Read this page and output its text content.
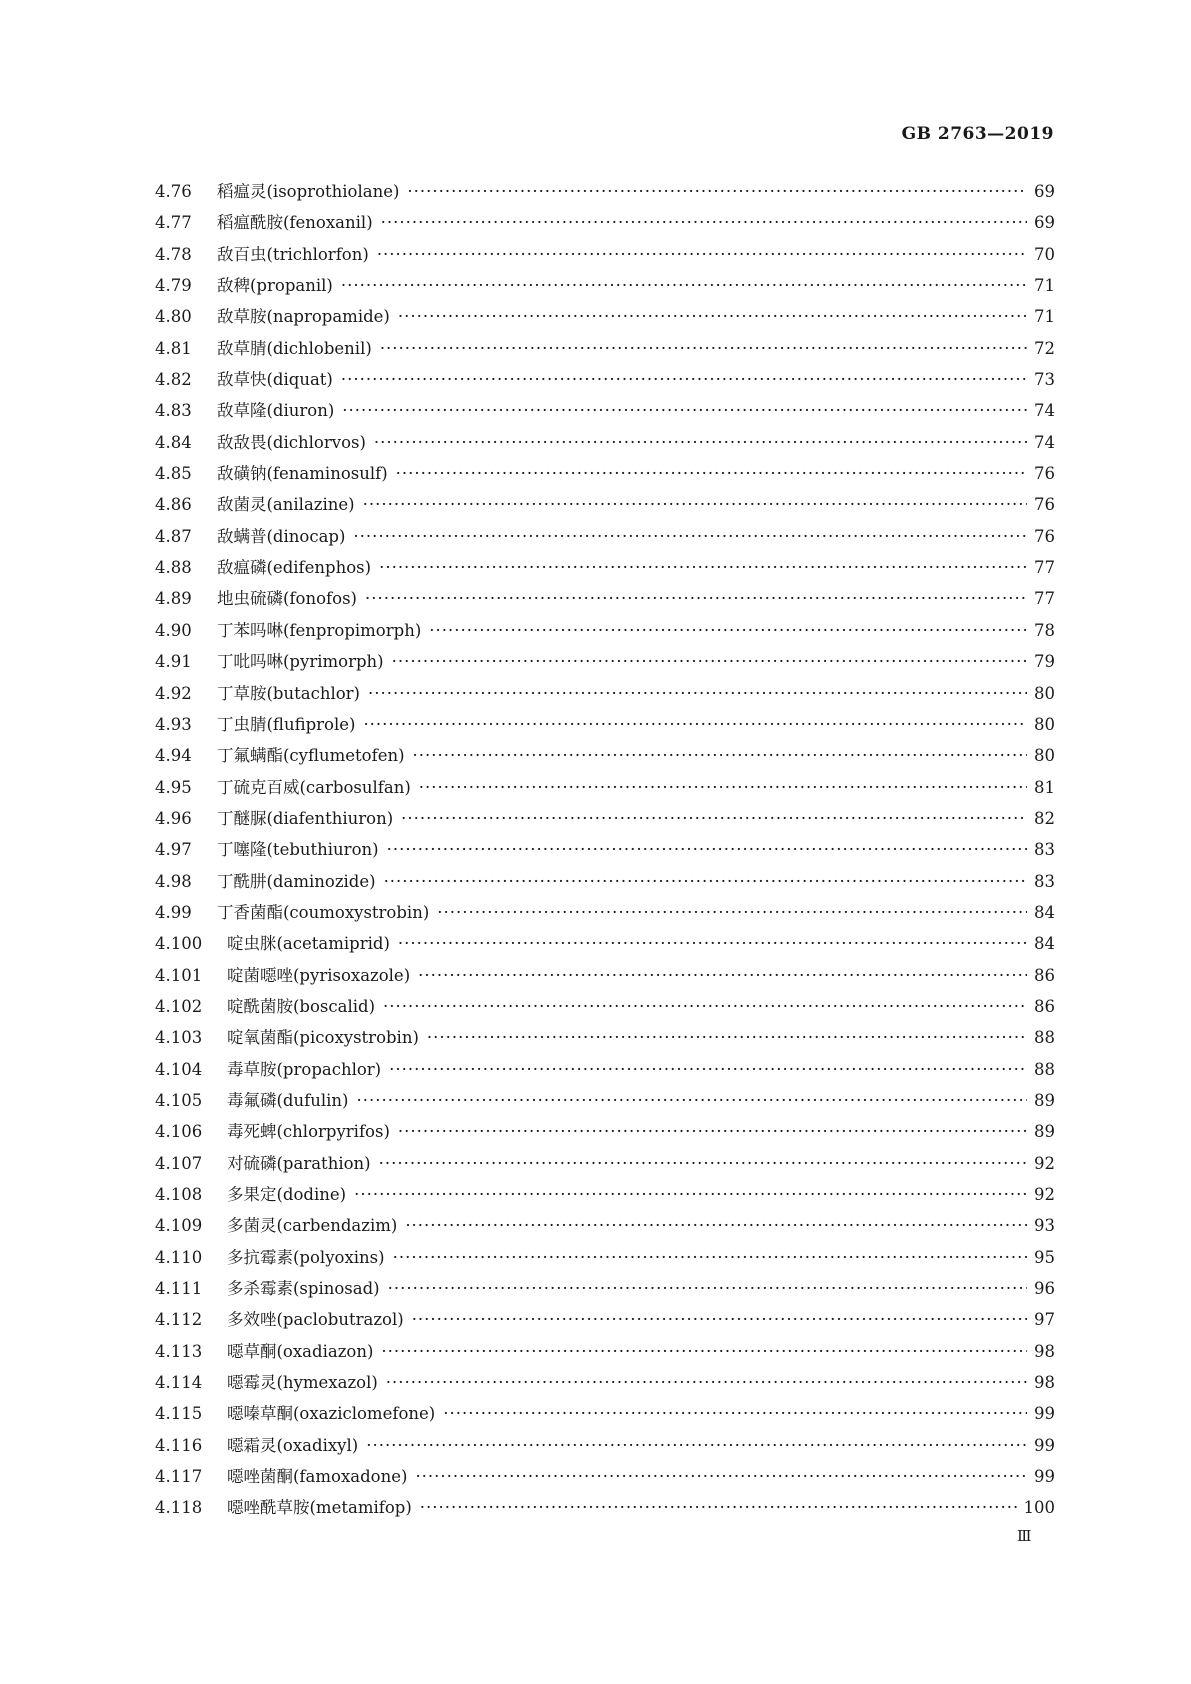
GB 2763—2019
4.76	稻瘟灵(isoprothiolane) ·····	69
4.77	稻瘟酰胺(fenoxanil) ·····	69
4.78	敌百虫(trichlorfon) ·····	70
4.79	敌稗(propanil) ·····	71
4.80	敌草胺(napropamide) ·····	71
4.81	敌草腈(dichlobenil) ·····	72
4.82	敌草快(diquat) ·····	73
4.83	敌草隆(diuron) ·····	74
4.84	敌敌畏(dichlorvos) ·····	74
4.85	敌磺钠(fenaminosulf) ·····	76
4.86	敌菌灵(anilazine) ·····	76
4.87	敌螨普(dinocap) ·····	76
4.88	敌瘟磷(edifenphos) ·····	77
4.89	地虫硫磷(fonofos) ·····	77
4.90	丁苯吗啉(fenpropimorph) ·····	78
4.91	丁吡吗啉(pyrimorph) ·····	79
4.92	丁草胺(butachlor) ·····	80
4.93	丁虫腈(flufiprole) ·····	80
4.94	丁氟螨酯(cyflumetofen) ·····	80
4.95	丁硫克百威(carbosulfan) ·····	81
4.96	丁醚脲(diafenthiuron) ·····	82
4.97	丁噻隆(tebuthiuron) ·····	83
4.98	丁酰肼(daminozide) ·····	83
4.99	丁香菌酯(coumoxystrobin) ·····	84
4.100	啶虫脒(acetamiprid) ·····	84
4.101	啶菌噁唑(pyrisoxazole) ·····	86
4.102	啶酰菌胺(boscalid) ·····	86
4.103	啶氧菌酯(picoxystrobin) ·····	88
4.104	毒草胺(propachlor) ·····	88
4.105	毒氟磷(dufulin) ·····	89
4.106	毒死蜱(chlorpyrifos) ·····	89
4.107	对硫磷(parathion) ·····	92
4.108	多果定(dodine) ·····	92
4.109	多菌灵(carbendazim) ·····	93
4.110	多抗霉素(polyoxins) ·····	95
4.111	多杀霉素(spinosad) ·····	96
4.112	多效唑(paclobutrazol) ·····	97
4.113	噁草酮(oxadiazon) ·····	98
4.114	噁霉灵(hymexazol) ·····	98
4.115	噁嗪草酮(oxaziclomefone) ·····	99
4.116	噁霜灵(oxadixyl) ·····	99
4.117	噁唑菌酮(famoxadone) ·····	99
4.118	噁唑酰草胺(metamifop) ·····	100
Ⅲ
